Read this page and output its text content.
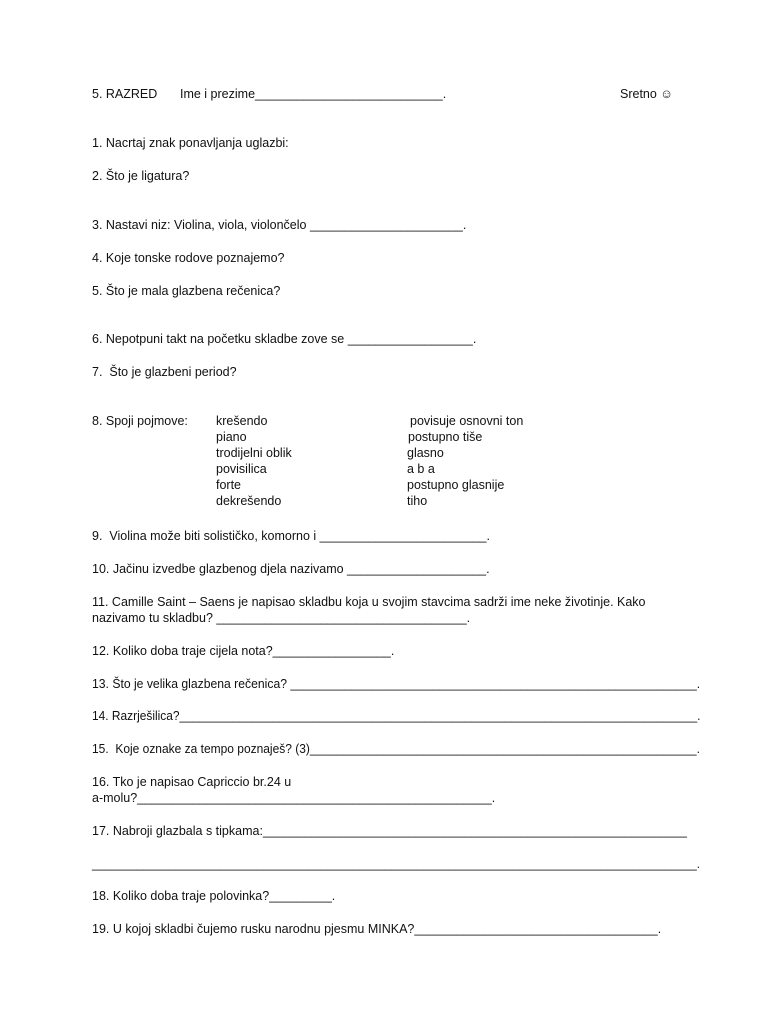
5. RAZRED Ime i prezime___________________________.	Sretno ☺
1. Nacrtaj znak ponavljanja uglazbi:
2. Što je ligatura?
3. Nastavi niz: Violina, viola, violončelo ______________________.
4. Koje tonske rodove poznajemo?
5. Što je mala glazbena rečenica?
6. Nepotpuni takt na početku skladbe zove se __________________.
7.  Što je glazbeni period?
8. Spoji pojmove: krešendo
piano
trodijelni oblik
povisilica
forte
dekrešendo
povisuje osnovni ton
postupno tiše
glasno
a b a
postupno glasnije
tiho
9.  Violina može biti solističko, komorno i ________________________.
10. Jačinu izvedbe glazbenog djela nazivamo ____________________.
11. Camille Saint – Saens je napisao skladbu koja u svojim stavcima sadrži ime neke životinje. Kako
nazivamo tu skladbu? ____________________________________.
12. Koliko doba traje cijela nota?_________________.
13. Što je velika glazbena rečenica? ____________________________________________________________.
14. Razrješilica?______________________________________________________________________________.
15.  Koje oznake za tempo poznaješ? (3)__________________________________________________________.
16. Tko je napisao Capriccio br.24 u
a-molu?___________________________________________________.
17. Nabroji glazbala s tipkama:_____________________________________________________________
_______________________________________________________________________________________________.
18. Koliko doba traje polovinka?_________.
19. U kojoj skladbi čujemo rusku narodnu pjesmu MINKA?___________________________________.
